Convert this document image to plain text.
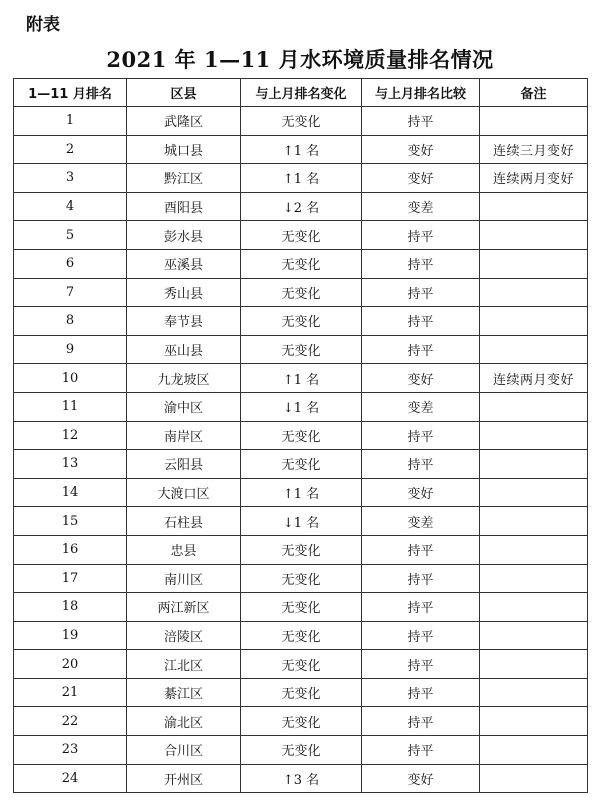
附表
2021 年 1—11 月水环境质量排名情况
1—11 月排名	区县	与上月排名变化	与上月排名比较	备注
1	武隆区	无变化	持平	
2	城口县	↑1 名	变好	连续三月变好
3	黔江区	↑1 名	变好	连续两月变好
4	酉阳县	↓2 名	变差	
5	彭水县	无变化	持平	
6	巫溪县	无变化	持平	
7	秀山县	无变化	持平	
8	奉节县	无变化	持平	
9	巫山县	无变化	持平	
10	九龙坡区	↑1 名	变好	连续两月变好
11	渝中区	↓1 名	变差	
12	南岸区	无变化	持平	
13	云阳县	无变化	持平	
14	大渡口区	↑1 名	变好	
15	石柱县	↓1 名	变差	
16	忠县	无变化	持平	
17	南川区	无变化	持平	
18	两江新区	无变化	持平	
19	涪陵区	无变化	持平	
20	江北区	无变化	持平	
21	綦江区	无变化	持平	
22	渝北区	无变化	持平	
23	合川区	无变化	持平	
24	开州区	↑3 名	变好	
